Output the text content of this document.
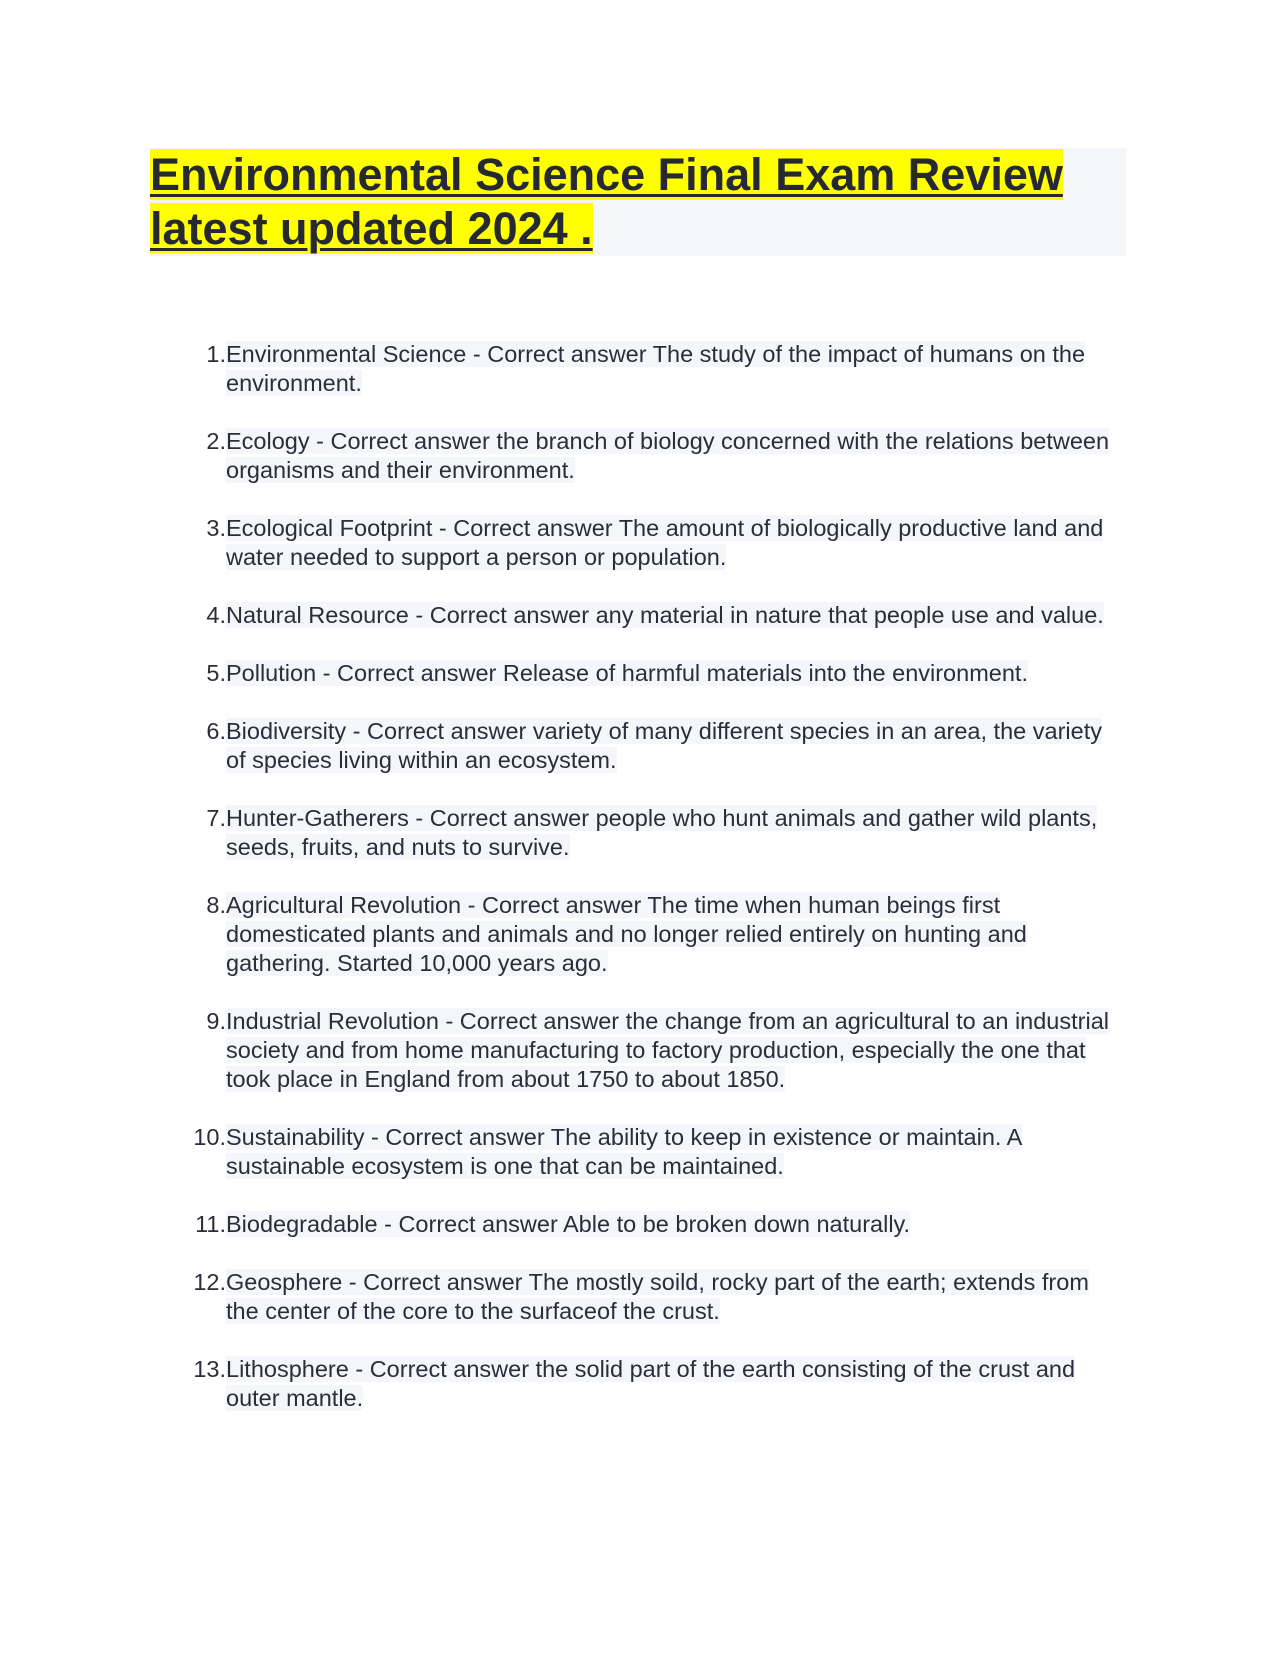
Environmental Science Final Exam Review latest updated 2024 .
1. Environmental Science - Correct answer The study of the impact of humans on the environment.
2. Ecology - Correct answer the branch of biology concerned with the relations between organisms and their environment.
3. Ecological Footprint - Correct answer The amount of biologically productive land and water needed to support a person or population.
4. Natural Resource - Correct answer any material in nature that people use and value.
5. Pollution - Correct answer Release of harmful materials into the environment.
6. Biodiversity - Correct answer variety of many different species in an area, the variety of species living within an ecosystem.
7. Hunter-Gatherers - Correct answer people who hunt animals and gather wild plants, seeds, fruits, and nuts to survive.
8. Agricultural Revolution - Correct answer The time when human beings first domesticated plants and animals and no longer relied entirely on hunting and gathering. Started 10,000 years ago.
9. Industrial Revolution - Correct answer the change from an agricultural to an industrial society and from home manufacturing to factory production, especially the one that took place in England from about 1750 to about 1850.
10. Sustainability - Correct answer The ability to keep in existence or maintain. A sustainable ecosystem is one that can be maintained.
11. Biodegradable - Correct answer Able to be broken down naturally.
12. Geosphere - Correct answer The mostly soild, rocky part of the earth; extends from the center of the core to the surfaceof the crust.
13. Lithosphere - Correct answer the solid part of the earth consisting of the crust and outer mantle.
